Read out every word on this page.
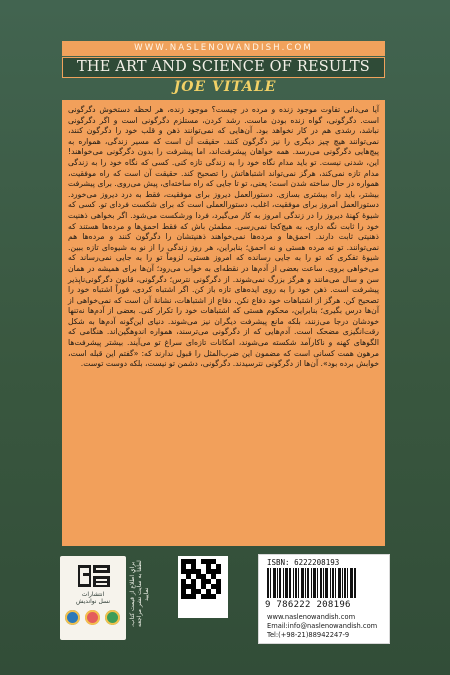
WWW.NASLENOWANDISH.COM
THE ART AND SCIENCE OF RESULTS
JOE VITALE
آیا می‌دانی تفاوت موجود زنده و مرده در چیست؟ موجود زنده، هر لحظه دستخوش دگرگونی است. دگرگونی، گواه زنده بودن ماست. رشد کردن، مستلزم دگرگونی است و اگر دگرگونی نباشد، رشدی هم در کار نخواهد بود. آن‌هایی که نمی‌توانند ذهن و قلب خود را دگرگون کنند، نمی‌توانند هیچ چیز دیگری را نیز دگرگون کنند. حقیقت آن است که مسیر زندگی، همواره به پیچ‌هایی دگرگونی می‌رسد. همه خواهان پیشرفت‌اند، اما پیشرفت را بدون دگرگونی می‌خواهند! این، شدنی نیست. تو باید مدام نگاه خود را به زندگی تازه کنی. کسی که نگاه خود را به زندگی مدام تازه نمی‌کند، هرگز نمی‌تواند اشتباهاتش را تصحیح کند. حقیقت آن است که راه موفقیت، همواره در حال ساخته شدن است؛ یعنی، تو تا جایی که راه ساخته‌ای، پیش می‌روی. برای پیشرفت بیشتر، باید راه بیشتری بسازی. دستورالعمل دیروز برای موفقیت، فقط به درد دیروز می‌خورد. دستورالعمل امروز برای موفقیت، اغلب، دستورالعملی است که برای شکست فردای تو. کسی که شیوهٔ کهنهٔ دیروز را در زندگی امروز به کار می‌گیرد، فردا ورشکست می‌شود. اگر بخواهی ذهنیت خود را ثابت نگه داری، به هیچ‌کجا نمی‌رسی. مطمئن باش که فقط احمق‌ها و مرده‌ها هستند که ذهنیتی ثابت دارند. احمق‌ها و مرده‌ها نمی‌خواهند ذهنیتشان را دگرگون کنند و مرده‌ها هم نمی‌توانند. تو نه مرده هستی و نه احمق؛ بنابراین، هر روز زندگی را از نو به شیوه‌ای تازه ببین. شیوهٔ تفکری که تو را به جایی رسانده که امروز هستی، لزوماً تو را به جایی نمی‌رساند که می‌خواهی بروی. ساعت بعضی از آدم‌ها در نقطه‌ای به خواب می‌رود؛ آن‌ها برای همیشه در همان سن و سال می‌مانند و هرگز بزرگ نمی‌شوند. از دگرگونی نترس؛ دگرگونی، قانون دگرگونی‌ناپذیر پیشرفت است. ذهن خود را به روی ایده‌های تازه باز کن. اگر اشتباه کردی، فوراً اشتباه خود را تصحیح کن. هرگز از اشتباهات خود دفاع نکن. دفاع از اشتباهات، نشانهٔ آن است که نمی‌خواهی از آن‌ها درس بگیری؛ بنابراین، محکوم هستی که اشتباهات خود را تکرار کنی. بعضی از آدم‌ها نه‌تنها خودشان درجا می‌زنند، بلکه مانع پیشرفت دیگران نیز می‌شوند. دنیای این‌گونه آدم‌ها به شکل رقت‌انگیزی مضحک است. آدم‌هایی که از دگرگونی می‌ترسند، همواره اندوهگین‌اند. هنگامی که الگوهای کهنه و ناکارآمد شکسته می‌شوند، امکانات تازه‌ای سراغ تو می‌آیند. بیشتر پیشرفت‌ها مرهون همت کسانی است که مضمون این ضرب‌المثل را قبول ندارند که: «گفتم این قبله است، خوابش برده بود». آن‌ها از دگرگونی نترسیدند. دگرگونی، دشمن تو نیست، بلکه دوست توست.
انتشارات
نسل نواندیش	برای اطلاع از قیمت کتاب، لطفاً به سایت نشر مراجعه نمایید
ISBN: 6222208193
9 786222 208196
www.naslenowandish.com
Email:info@naslenowandish.com
Tel:(+98-21)88942247-9
